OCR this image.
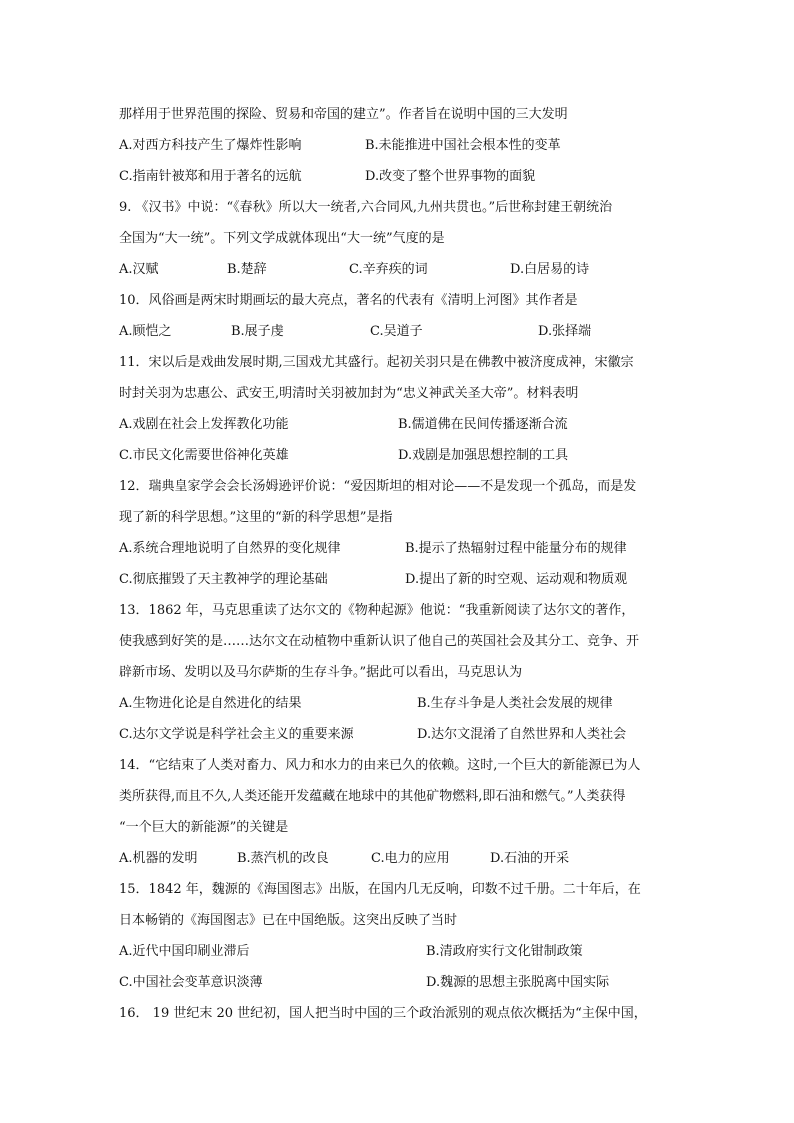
那样用于世界范围的探险、贸易和帝国的建立”。作者旨在说明中国的三大发明
A.对西方科技产生了爆炸性影响	B.未能推进中国社会根本性的变革
C.指南针被郑和用于著名的远航	D.改变了整个世界事物的面貌
9. 《汉书》中说：“《春秋》所以大一统者,六合同风,九州共贯也。”后世称封建王朝统治
全国为“大一统”。下列文学成就体现出“大一统”气度的是
A.汉赋	B.楚辞	C.辛弃疾的词	D.白居易的诗
10．风俗画是两宋时期画坛的最大亮点，著名的代表有《清明上河图》其作者是
A.顾恺之	B.展子虔	C.吴道子	D.张择端
11．宋以后是戏曲发展时期,三国戏尤其盛行。起初关羽只是在佛教中被济度成神，宋徽宗
时封关羽为忠惠公、武安王,明清时关羽被加封为“忠义神武关圣大帝”。材料表明
A.戏剧在社会上发挥教化功能	B.儒道佛在民间传播逐渐合流
C.市民文化需要世俗神化英雄	D.戏剧是加强思想控制的工具
12．瑞典皇家学会会长汤姆逊评价说：“爱因斯坦的相对论——不是发现一个孤岛，而是发
现了新的科学思想。”这里的“新的科学思想”是指
A.系统合理地说明了自然界的变化规律	B.提示了热辐射过程中能量分布的规律
C.彻底摧毁了天主教神学的理论基础	D.提出了新的时空观、运动观和物质观
13．1862 年，马克思重读了达尔文的《物种起源》他说：“我重新阅读了达尔文的著作，
使我感到好笑的是……达尔文在动植物中重新认识了他自己的英国社会及其分工、竞争、开
辟新市场、发明以及马尔萨斯的生存斗争。”据此可以看出，马克思认为
A.生物进化论是自然进化的结果	B.生存斗争是人类社会发展的规律
C.达尔文学说是科学社会主义的重要来源	D.达尔文混淆了自然世界和人类社会
14．“它结束了人类对畜力、风力和水力的由来已久的依赖。这时,一个巨大的新能源已为人
类所获得,而且不久,人类还能开发蕴藏在地球中的其他矿物燃料,即石油和燃气。”人类获得
“一个巨大的新能源”的关键是
A.机器的发明	B.蒸汽机的改良	C.电力的应用	D.石油的开采
15．1842 年，魏源的《海国图志》出版，在国内几无反响，印数不过千册。二十年后，在
日本畅销的《海国图志》已在中国绝版。这突出反映了当时
A.近代中国印刷业滞后	B.清政府实行文化钳制政策
C.中国社会变革意识淡薄	D.魏源的思想主张脱离中国实际
16． 19 世纪末 20 世纪初，国人把当时中国的三个政治派别的观点依次概括为“主保中国，
